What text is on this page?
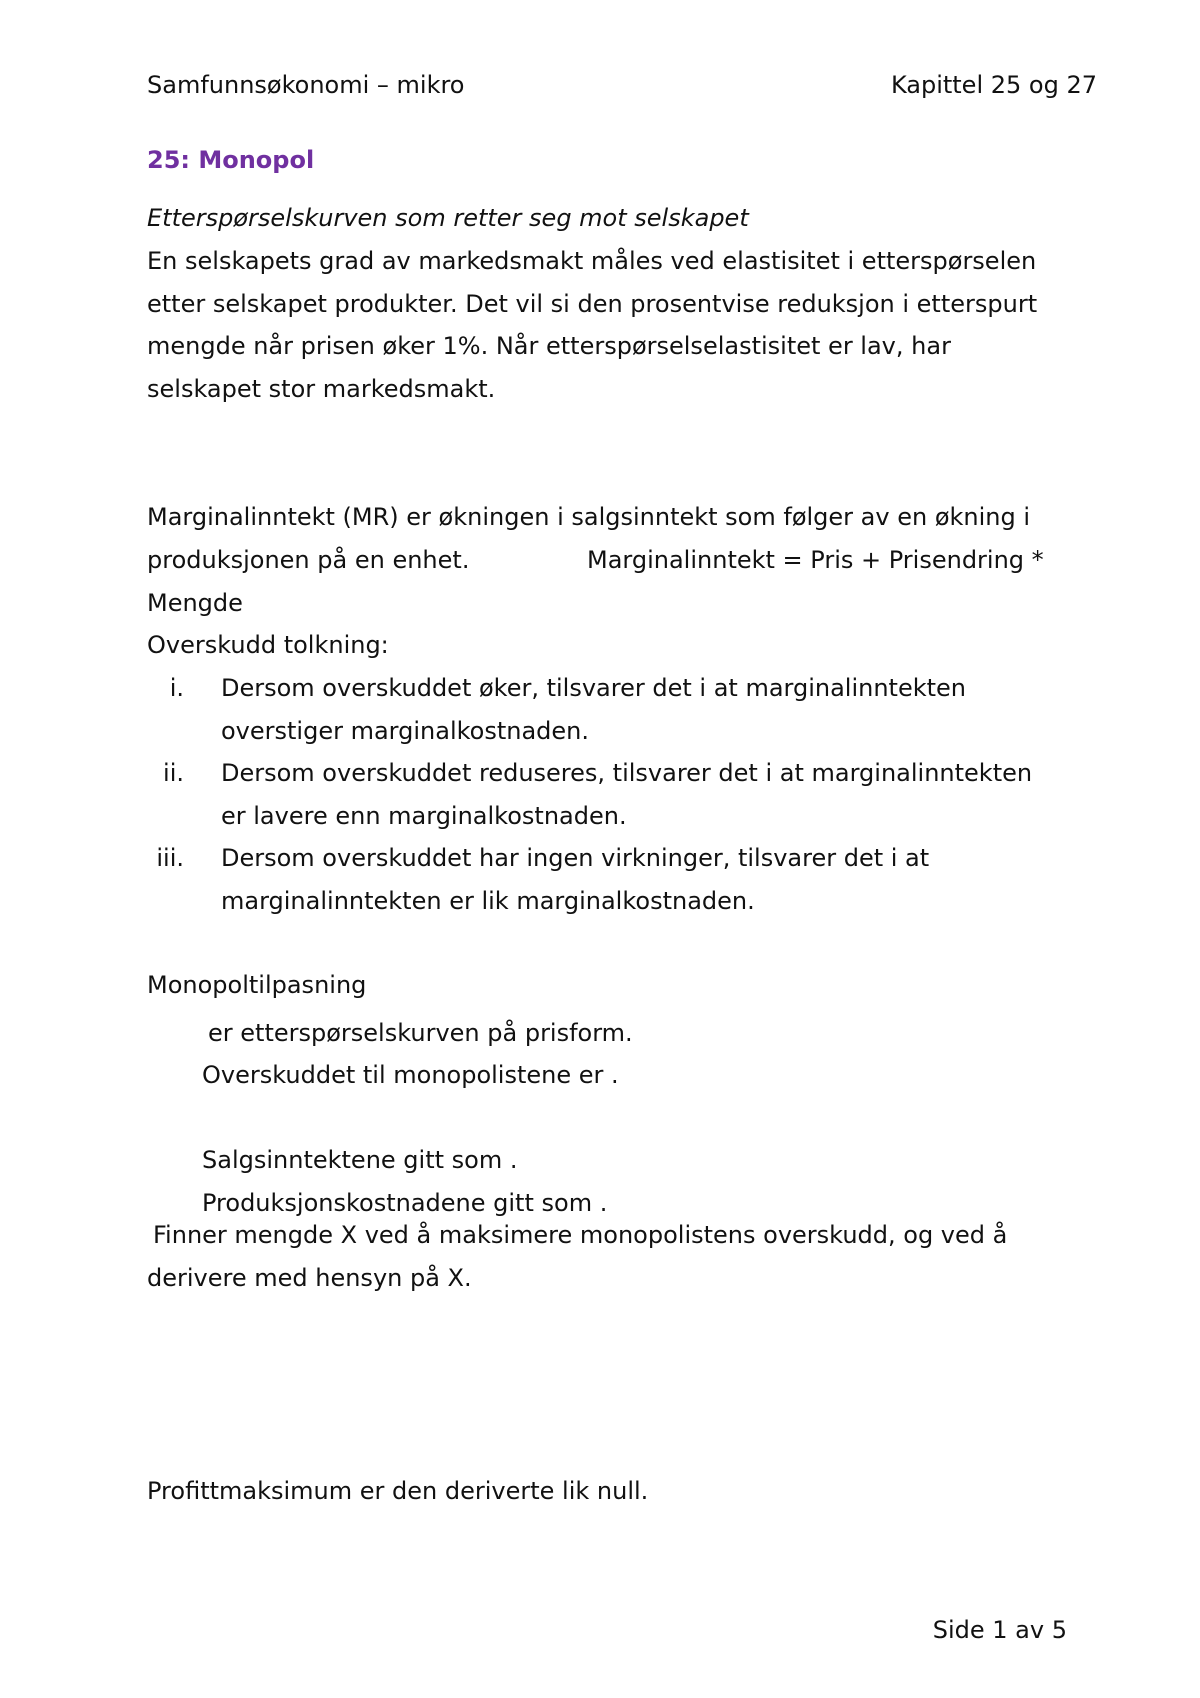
Samfunnsøkonomi – mikro	Kapittel 25 og 27
25: Monopol
Etterspørselskurven som retter seg mot selskapet
En selskapets grad av markedsmakt måles ved elastisitet i etterspørselen
etter selskapet produkter. Det vil si den prosentvise reduksjon i etterspurt
mengde når prisen øker 1%. Når etterspørselselastisitet er lav, har
selskapet stor markedsmakt.
Marginalinntekt (MR) er økningen i salgsinntekt som følger av en økning i
produksjonen på en enhet.	Marginalinntekt = Pris + Prisendring *
Mengde
Overskudd tolkning:
i. Dersom overskuddet øker, tilsvarer det i at marginalinntekten
overstiger marginalkostnaden.
ii. Dersom overskuddet reduseres, tilsvarer det i at marginalinntekten
er lavere enn marginalkostnaden.
iii. Dersom overskuddet har ingen virkninger, tilsvarer det i at
marginalinntekten er lik marginalkostnaden.
Monopoltilpasning
er etterspørselskurven på prisform.
Overskuddet til monopolistene er .
Salgsinntektene gitt som .
Produksjonskostnadene gitt som .
Finner mengde X ved å maksimere monopolistens overskudd, og ved å
derivere med hensyn på X.
Profittmaksimum er den deriverte lik null.
Side 1 av 5
